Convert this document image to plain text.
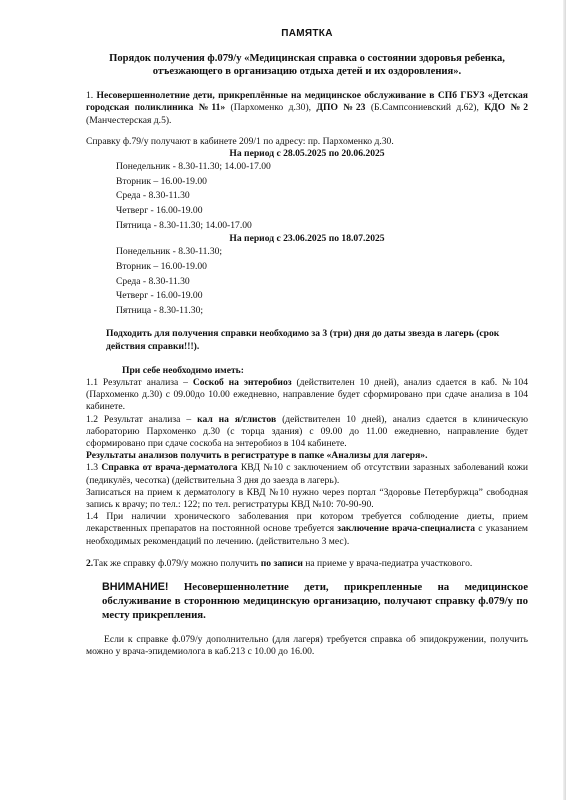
ПАМЯТКА
Порядок получения ф.079/у «Медицинская справка о состоянии здоровья ребенка, отъезжающего в организацию отдыха детей и их оздоровления».

1. Несовершеннолетние дети, прикреплённые на медицинское обслуживание в СПб ГБУЗ «Детская городская поликлиника №11» (Пархоменко д.30), ДПО №23 (Б.Сампсониевский д.62), КДО №2 (Манчестерская д.5).

Справку ф.79/у получают в кабинете 209/1 по адресу: пр. Пархоменко д.30.

На период с 28.05.2025 по 20.06.2025

Понедельник - 8.30-11.30; 14.00-17.00
Вторник – 16.00-19.00
Среда - 8.30-11.30
Четверг - 16.00-19.00
Пятница - 8.30-11.30; 14.00-17.00

На период с 23.06.2025 по 18.07.2025

Понедельник - 8.30-11.30;
Вторник – 16.00-19.00
Среда - 8.30-11.30
Четверг - 16.00-19.00
Пятница - 8.30-11.30;

Подходить для получения справки необходимо за 3 (три) дня до даты звезда в лагерь (срок действия справки!!!).

При себе необходимо иметь:

1.1 Результат анализа – Соскоб на энтеробиоз (действителен 10 дней), анализ сдается в каб. №104 (Пархоменко д.30) с 09.00до 10.00 ежедневно, направление будет сформировано при сдаче анализа в 104 кабинете.

1.2 Результат анализа – кал на я/глистов (действителен 10 дней), анализ сдается в клиническую лабораторию Пархоменко д.30 (с торца здания) с 09.00 до 11.00 ежедневно, направление будет сформировано при сдаче соскоба на энтеробиоз в 104 кабинете.

Результаты анализов получить в регистратуре в папке «Анализы для лагеря».

1.3 Справка от врача-дерматолога КВД №10 с заключением об отсутствии заразных заболеваний кожи (педикулёз, чесотка) (действительна 3 дня до заезда в лагерь).

Записаться на прием к дерматологу в КВД №10 нужно через портал “Здоровье Петербуржца” свободная запись к врачу; по тел.: 122; по тел. регистратуры КВД №10: 70-90-90.

1.4 При наличии хронического заболевания при котором требуется соблюдение диеты, прием лекарственных препаратов на постоянной основе требуется заключение врача-специалиста с указанием необходимых рекомендаций по лечению. (действительно 3 мес).

2.Так же справку ф.079/у можно получить по записи на приеме у врача-педиатра участкового.

ВНИМАНИЕ! Несовершеннолетние дети, прикрепленные на медицинское обслуживание в стороннюю медицинскую организацию, получают справку ф.079/у по месту прикрепления.

Если к справке ф.079/у дополнительно (для лагеря) требуется справка об эпидокружении, получить можно у врача-эпидемиолога в каб.213 с 10.00 до 16.00.
